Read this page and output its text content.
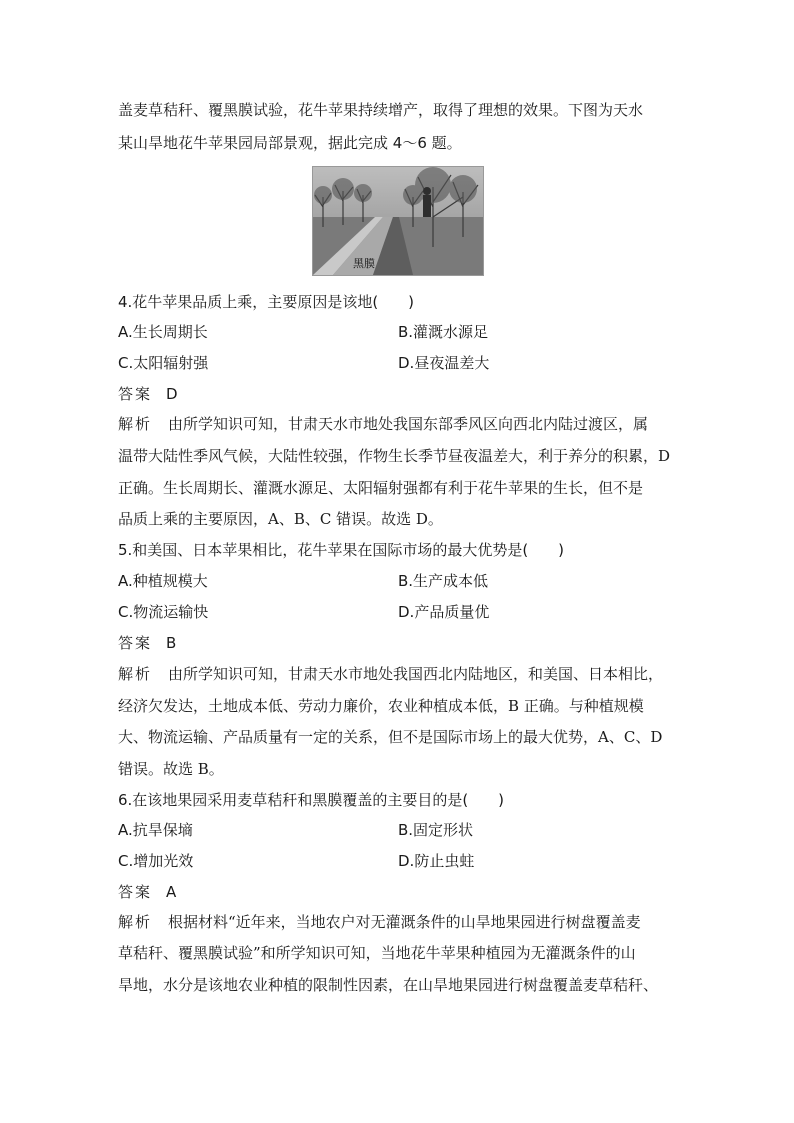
盖麦草秸秆、覆黑膜试验，花牛苹果持续增产，取得了理想的效果。下图为天水
某山旱地花牛苹果园局部景观，据此完成 4～6 题。
黑膜
4.花牛苹果品质上乘，主要原因是该地(　　)
A.生长周期长	B.灌溉水源足
C.太阳辐射强	D.昼夜温差大
答案 D
解析 由所学知识可知，甘肃天水市地处我国东部季风区向西北内陆过渡区，属
温带大陆性季风气候，大陆性较强，作物生长季节昼夜温差大，利于养分的积累，D
正确。生长周期长、灌溉水源足、太阳辐射强都有利于花牛苹果的生长，但不是
品质上乘的主要原因，A、B、C 错误。故选 D。
5.和美国、日本苹果相比，花牛苹果在国际市场的最大优势是(　　)
A.种植规模大	B.生产成本低
C.物流运输快	D.产品质量优
答案 B
解析 由所学知识可知，甘肃天水市地处我国西北内陆地区，和美国、日本相比，
经济欠发达，土地成本低、劳动力廉价，农业种植成本低，B 正确。与种植规模
大、物流运输、产品质量有一定的关系，但不是国际市场上的最大优势，A、C、D
错误。故选 B。
6.在该地果园采用麦草秸秆和黑膜覆盖的主要目的是(　　)
A.抗旱保墒	B.固定形状
C.增加光效	D.防止虫蛀
答案 A
解析 根据材料“近年来，当地农户对无灌溉条件的山旱地果园进行树盘覆盖麦
草秸秆、覆黑膜试验”和所学知识可知，当地花牛苹果种植园为无灌溉条件的山
旱地，水分是该地农业种植的限制性因素，在山旱地果园进行树盘覆盖麦草秸秆、
